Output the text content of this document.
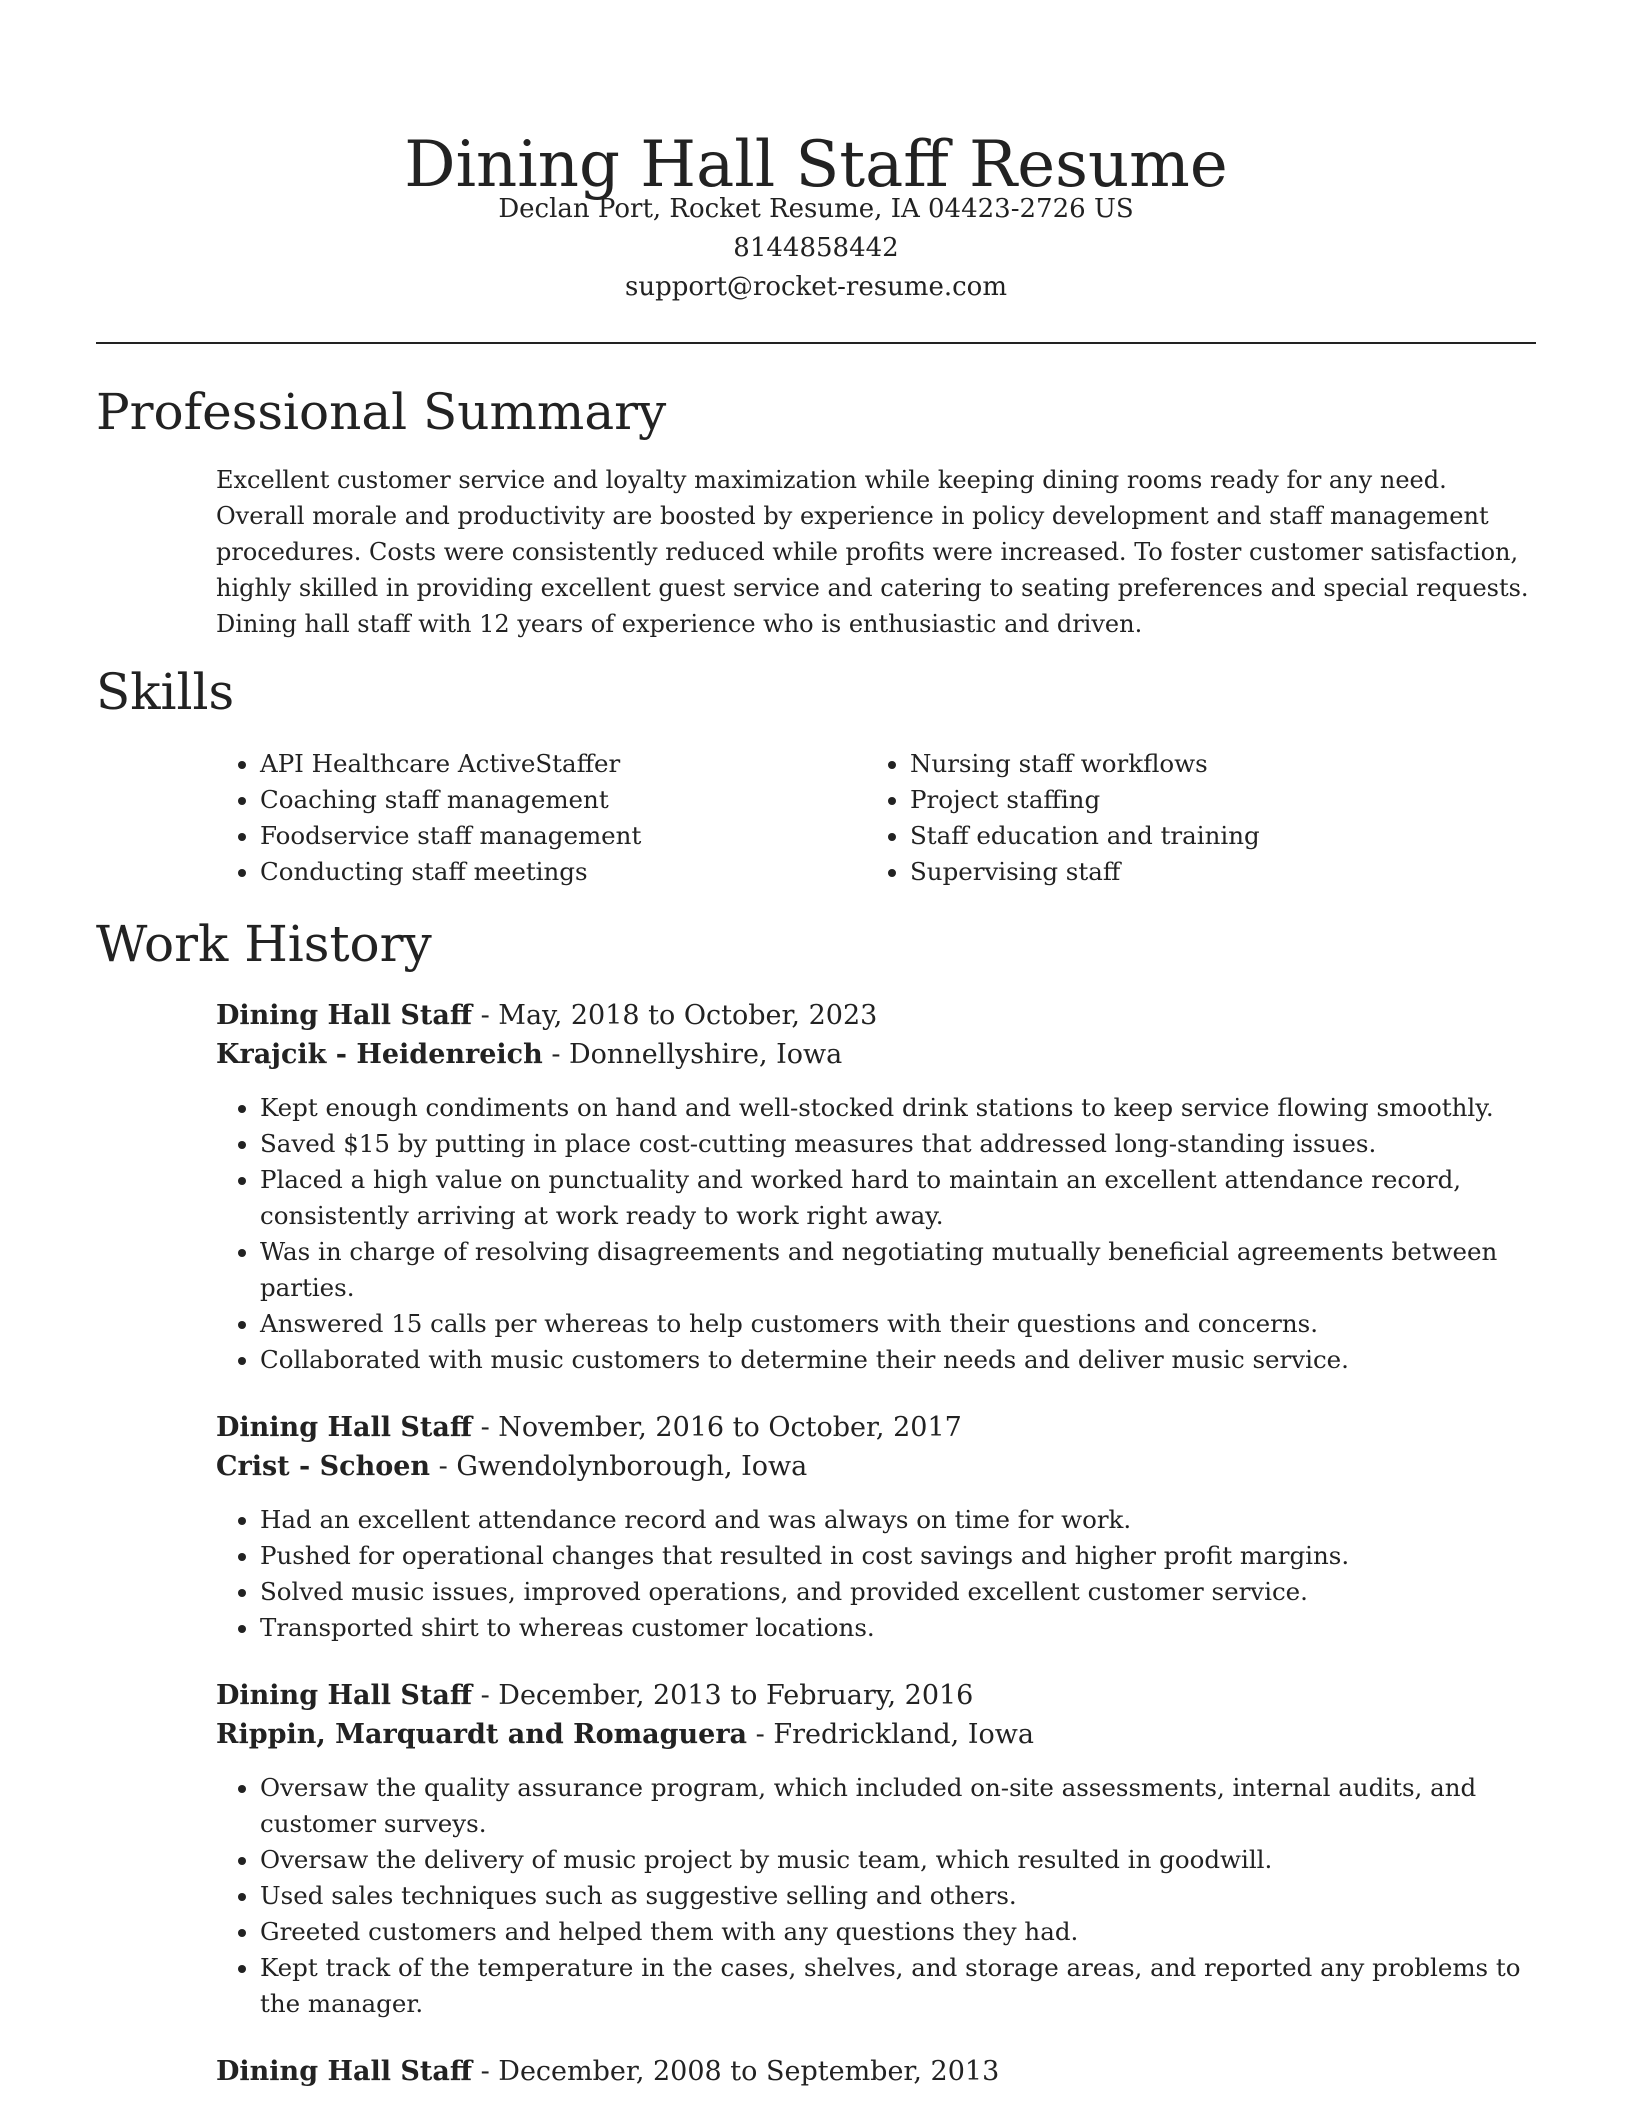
Dining Hall Staff Resume
Declan Port, Rocket Resume, IA 04423-2726 US
8144858442
support@rocket-resume.com
Professional Summary

Excellent customer service and loyalty maximization while keeping dining rooms ready for any need. Overall morale and productivity are boosted by experience in policy development and staff management procedures. Costs were consistently reduced while profits were increased. To foster customer satisfaction, highly skilled in providing excellent guest service and catering to seating preferences and special requests. Dining hall staff with 12 years of experience who is enthusiastic and driven.

Skills
• API Healthcare ActiveStaffer
• Coaching staff management
• Foodservice staff management
• Conducting staff meetings
• Nursing staff workflows
• Project staffing
• Staff education and training
• Supervising staff
Work History
Dining Hall Staff - May, 2018 to October, 2023
Krajcik - Heidenreich - Donnellyshire, Iowa
• Kept enough condiments on hand and well-stocked drink stations to keep service flowing smoothly.
• Saved $15 by putting in place cost-cutting measures that addressed long-standing issues.
• Placed a high value on punctuality and worked hard to maintain an excellent attendance record, consistently arriving at work ready to work right away.
• Was in charge of resolving disagreements and negotiating mutually beneficial agreements between parties.
• Answered 15 calls per whereas to help customers with their questions and concerns.
• Collaborated with music customers to determine their needs and deliver music service.
Dining Hall Staff - November, 2016 to October, 2017
Crist - Schoen - Gwendolynborough, Iowa
• Had an excellent attendance record and was always on time for work.
• Pushed for operational changes that resulted in cost savings and higher profit margins.
• Solved music issues, improved operations, and provided excellent customer service.
• Transported shirt to whereas customer locations.
Dining Hall Staff - December, 2013 to February, 2016
Rippin, Marquardt and Romaguera - Fredrickland, Iowa
• Oversaw the quality assurance program, which included on-site assessments, internal audits, and customer surveys.
• Oversaw the delivery of music project by music team, which resulted in goodwill.
• Used sales techniques such as suggestive selling and others.
• Greeted customers and helped them with any questions they had.
• Kept track of the temperature in the cases, shelves, and storage areas, and reported any problems to the manager.
Dining Hall Staff - December, 2008 to September, 2013
